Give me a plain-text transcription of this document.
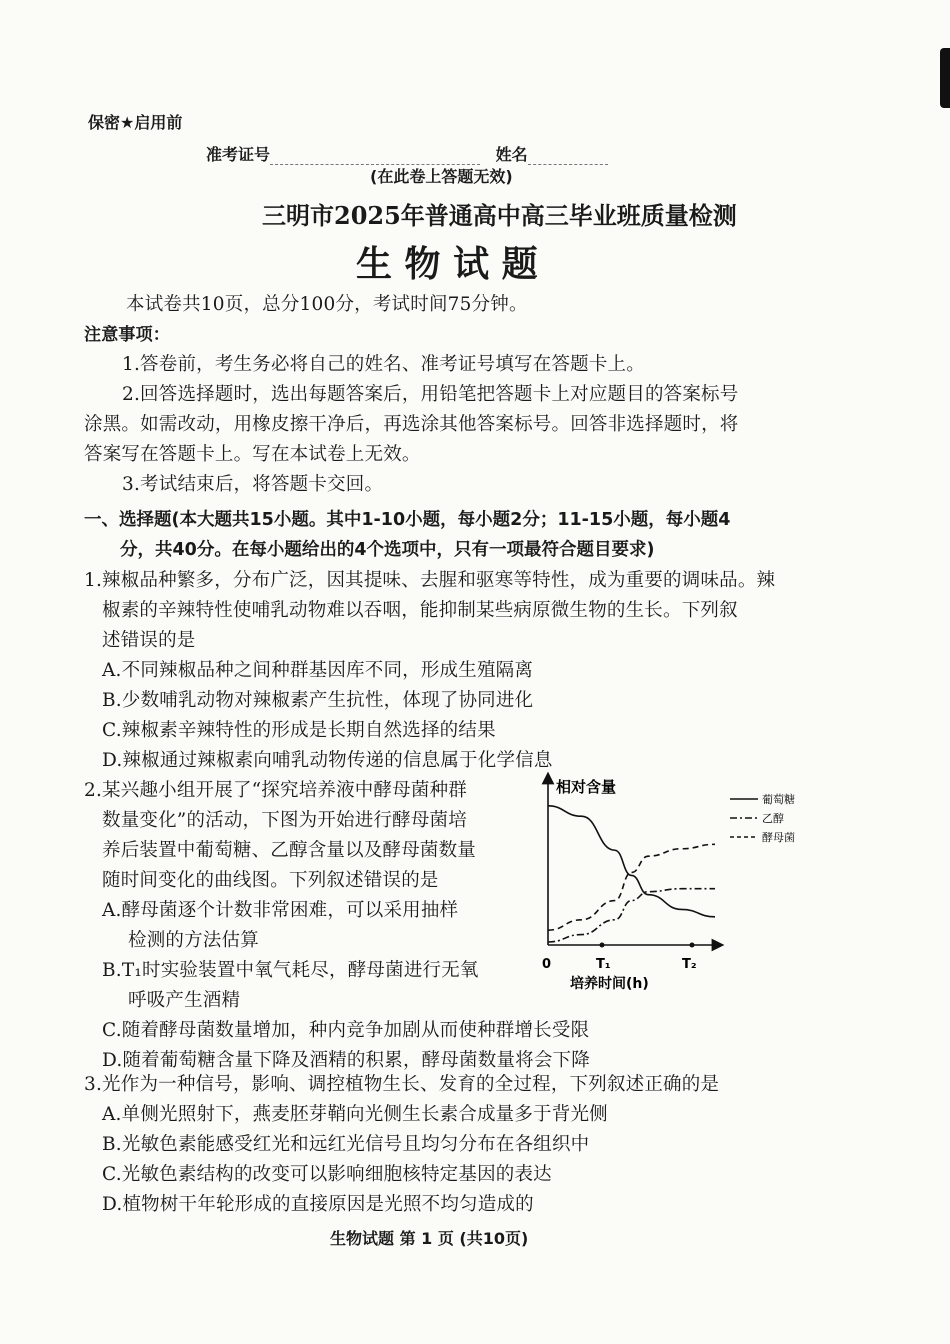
保密★启用前
准考证号	姓名
(在此卷上答题无效)
三明市2025年普通高中高三毕业班质量检测
生 物 试 题
本试卷共10页，总分100分，考试时间75分钟。
注意事项：
1.答卷前，考生务必将自己的姓名、准考证号填写在答题卡上。
2.回答选择题时，选出每题答案后，用铅笔把答题卡上对应题目的答案标号
涂黑。如需改动，用橡皮擦干净后，再选涂其他答案标号。回答非选择题时，将
答案写在答题卡上。写在本试卷上无效。
3.考试结束后，将答题卡交回。
一、选择题(本大题共15小题。其中1-10小题，每小题2分；11-15小题，每小题4
分，共40分。在每小题给出的4个选项中，只有一项最符合题目要求)
1.辣椒品种繁多，分布广泛，因其提味、去腥和驱寒等特性，成为重要的调味品。辣
椒素的辛辣特性使哺乳动物难以吞咽，能抑制某些病原微生物的生长。下列叙
述错误的是
A.不同辣椒品种之间种群基因库不同，形成生殖隔离
B.少数哺乳动物对辣椒素产生抗性，体现了协同进化
C.辣椒素辛辣特性的形成是长期自然选择的结果
D.辣椒通过辣椒素向哺乳动物传递的信息属于化学信息
2.某兴趣小组开展了“探究培养液中酵母菌种群
数量变化”的活动，下图为开始进行酵母菌培
养后装置中葡萄糖、乙醇含量以及酵母菌数量
随时间变化的曲线图。下列叙述错误的是
A.酵母菌逐个计数非常困难，可以采用抽样
检测的方法估算
B.T₁时实验装置中氧气耗尽，酵母菌进行无氧
呼吸产生酒精
C.随着酵母菌数量增加，种内竞争加剧从而使种群增长受限
D.随着葡萄糖含量下降及酒精的积累，酵母菌数量将会下降
相对含量
培养时间(h)
0	T₁	T₂
葡萄糖
乙醇
酵母菌
3.光作为一种信号，影响、调控植物生长、发育的全过程，下列叙述正确的是
A.单侧光照射下，燕麦胚芽鞘向光侧生长素合成量多于背光侧
B.光敏色素能感受红光和远红光信号且均匀分布在各组织中
C.光敏色素结构的改变可以影响细胞核特定基因的表达
D.植物树干年轮形成的直接原因是光照不均匀造成的
生物试题 第 1 页 (共10页)
